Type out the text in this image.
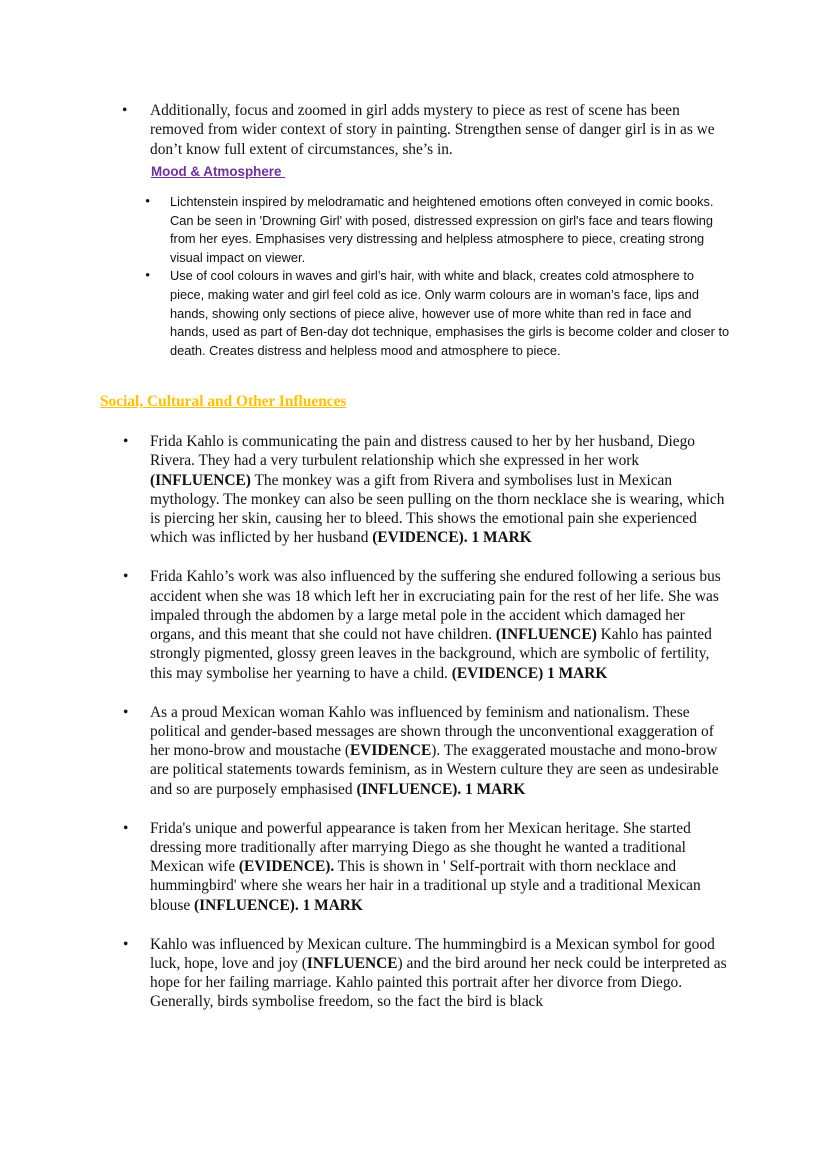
• Additionally, focus and zoomed in girl adds mystery to piece as rest of scene has been removed from wider context of story in painting. Strengthen sense of danger girl is in as we don’t know full extent of circumstances, she’s in.
Mood & Atmosphere
• Lichtenstein inspired by melodramatic and heightened emotions often conveyed in comic books. Can be seen in 'Drowning Girl' with posed, distressed expression on girl's face and tears flowing from her eyes. Emphasises very distressing and helpless atmosphere to piece, creating strong visual impact on viewer.
• Use of cool colours in waves and girl’s hair, with white and black, creates cold atmosphere to piece, making water and girl feel cold as ice. Only warm colours are in woman’s face, lips and hands, showing only sections of piece alive, however use of more white than red in face and hands, used as part of Ben-day dot technique, emphasises the girls is become colder and closer to death. Creates distress and helpless mood and atmosphere to piece.
Social, Cultural and Other Influences
• Frida Kahlo is communicating the pain and distress caused to her by her husband, Diego Rivera. They had a very turbulent relationship which she expressed in her work (INFLUENCE) The monkey was a gift from Rivera and symbolises lust in Mexican mythology. The monkey can also be seen pulling on the thorn necklace she is wearing, which is piercing her skin, causing her to bleed. This shows the emotional pain she experienced which was inflicted by her husband (EVIDENCE). 1 MARK
• Frida Kahlo’s work was also influenced by the suffering she endured following a serious bus accident when she was 18 which left her in excruciating pain for the rest of her life. She was impaled through the abdomen by a large metal pole in the accident which damaged her organs, and this meant that she could not have children. (INFLUENCE) Kahlo has painted strongly pigmented, glossy green leaves in the background, which are symbolic of fertility, this may symbolise her yearning to have a child. (EVIDENCE) 1 MARK
• As a proud Mexican woman Kahlo was influenced by feminism and nationalism. These political and gender-based messages are shown through the unconventional exaggeration of her mono-brow and moustache (EVIDENCE). The exaggerated moustache and mono-brow are political statements towards feminism, as in Western culture they are seen as undesirable and so are purposely emphasised (INFLUENCE). 1 MARK
• Frida's unique and powerful appearance is taken from her Mexican heritage. She started dressing more traditionally after marrying Diego as she thought he wanted a traditional Mexican wife (EVIDENCE). This is shown in ' Self-portrait with thorn necklace and hummingbird' where she wears her hair in a traditional up style and a traditional Mexican blouse (INFLUENCE). 1 MARK
• Kahlo was influenced by Mexican culture. The hummingbird is a Mexican symbol for good luck, hope, love and joy (INFLUENCE) and the bird around her neck could be interpreted as hope for her failing marriage. Kahlo painted this portrait after her divorce from Diego. Generally, birds symbolise freedom, so the fact the bird is black
